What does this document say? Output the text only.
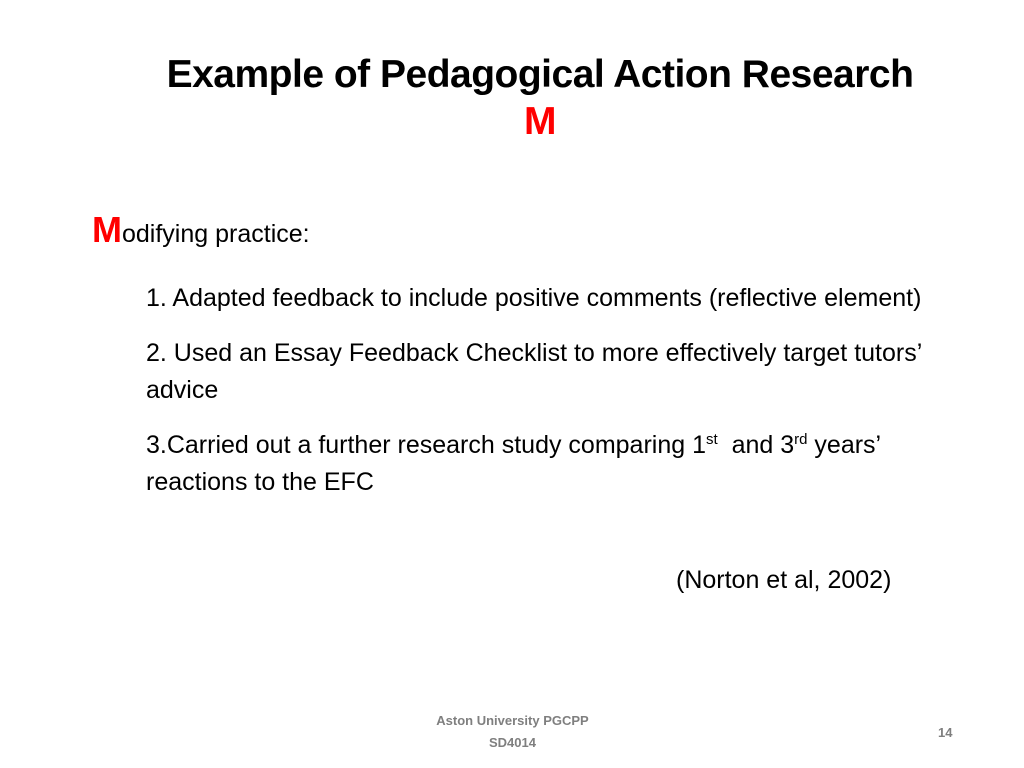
Example of Pedagogical Action Research
M
Modifying practice:
1. Adapted feedback to include positive comments (reflective element)
2. Used an Essay Feedback Checklist to more effectively target tutors’ advice
3.Carried out a further research study comparing 1st  and 3rd years’ reactions to the EFC
(Norton et al, 2002)
Aston University PGCPP
SD4014
14
